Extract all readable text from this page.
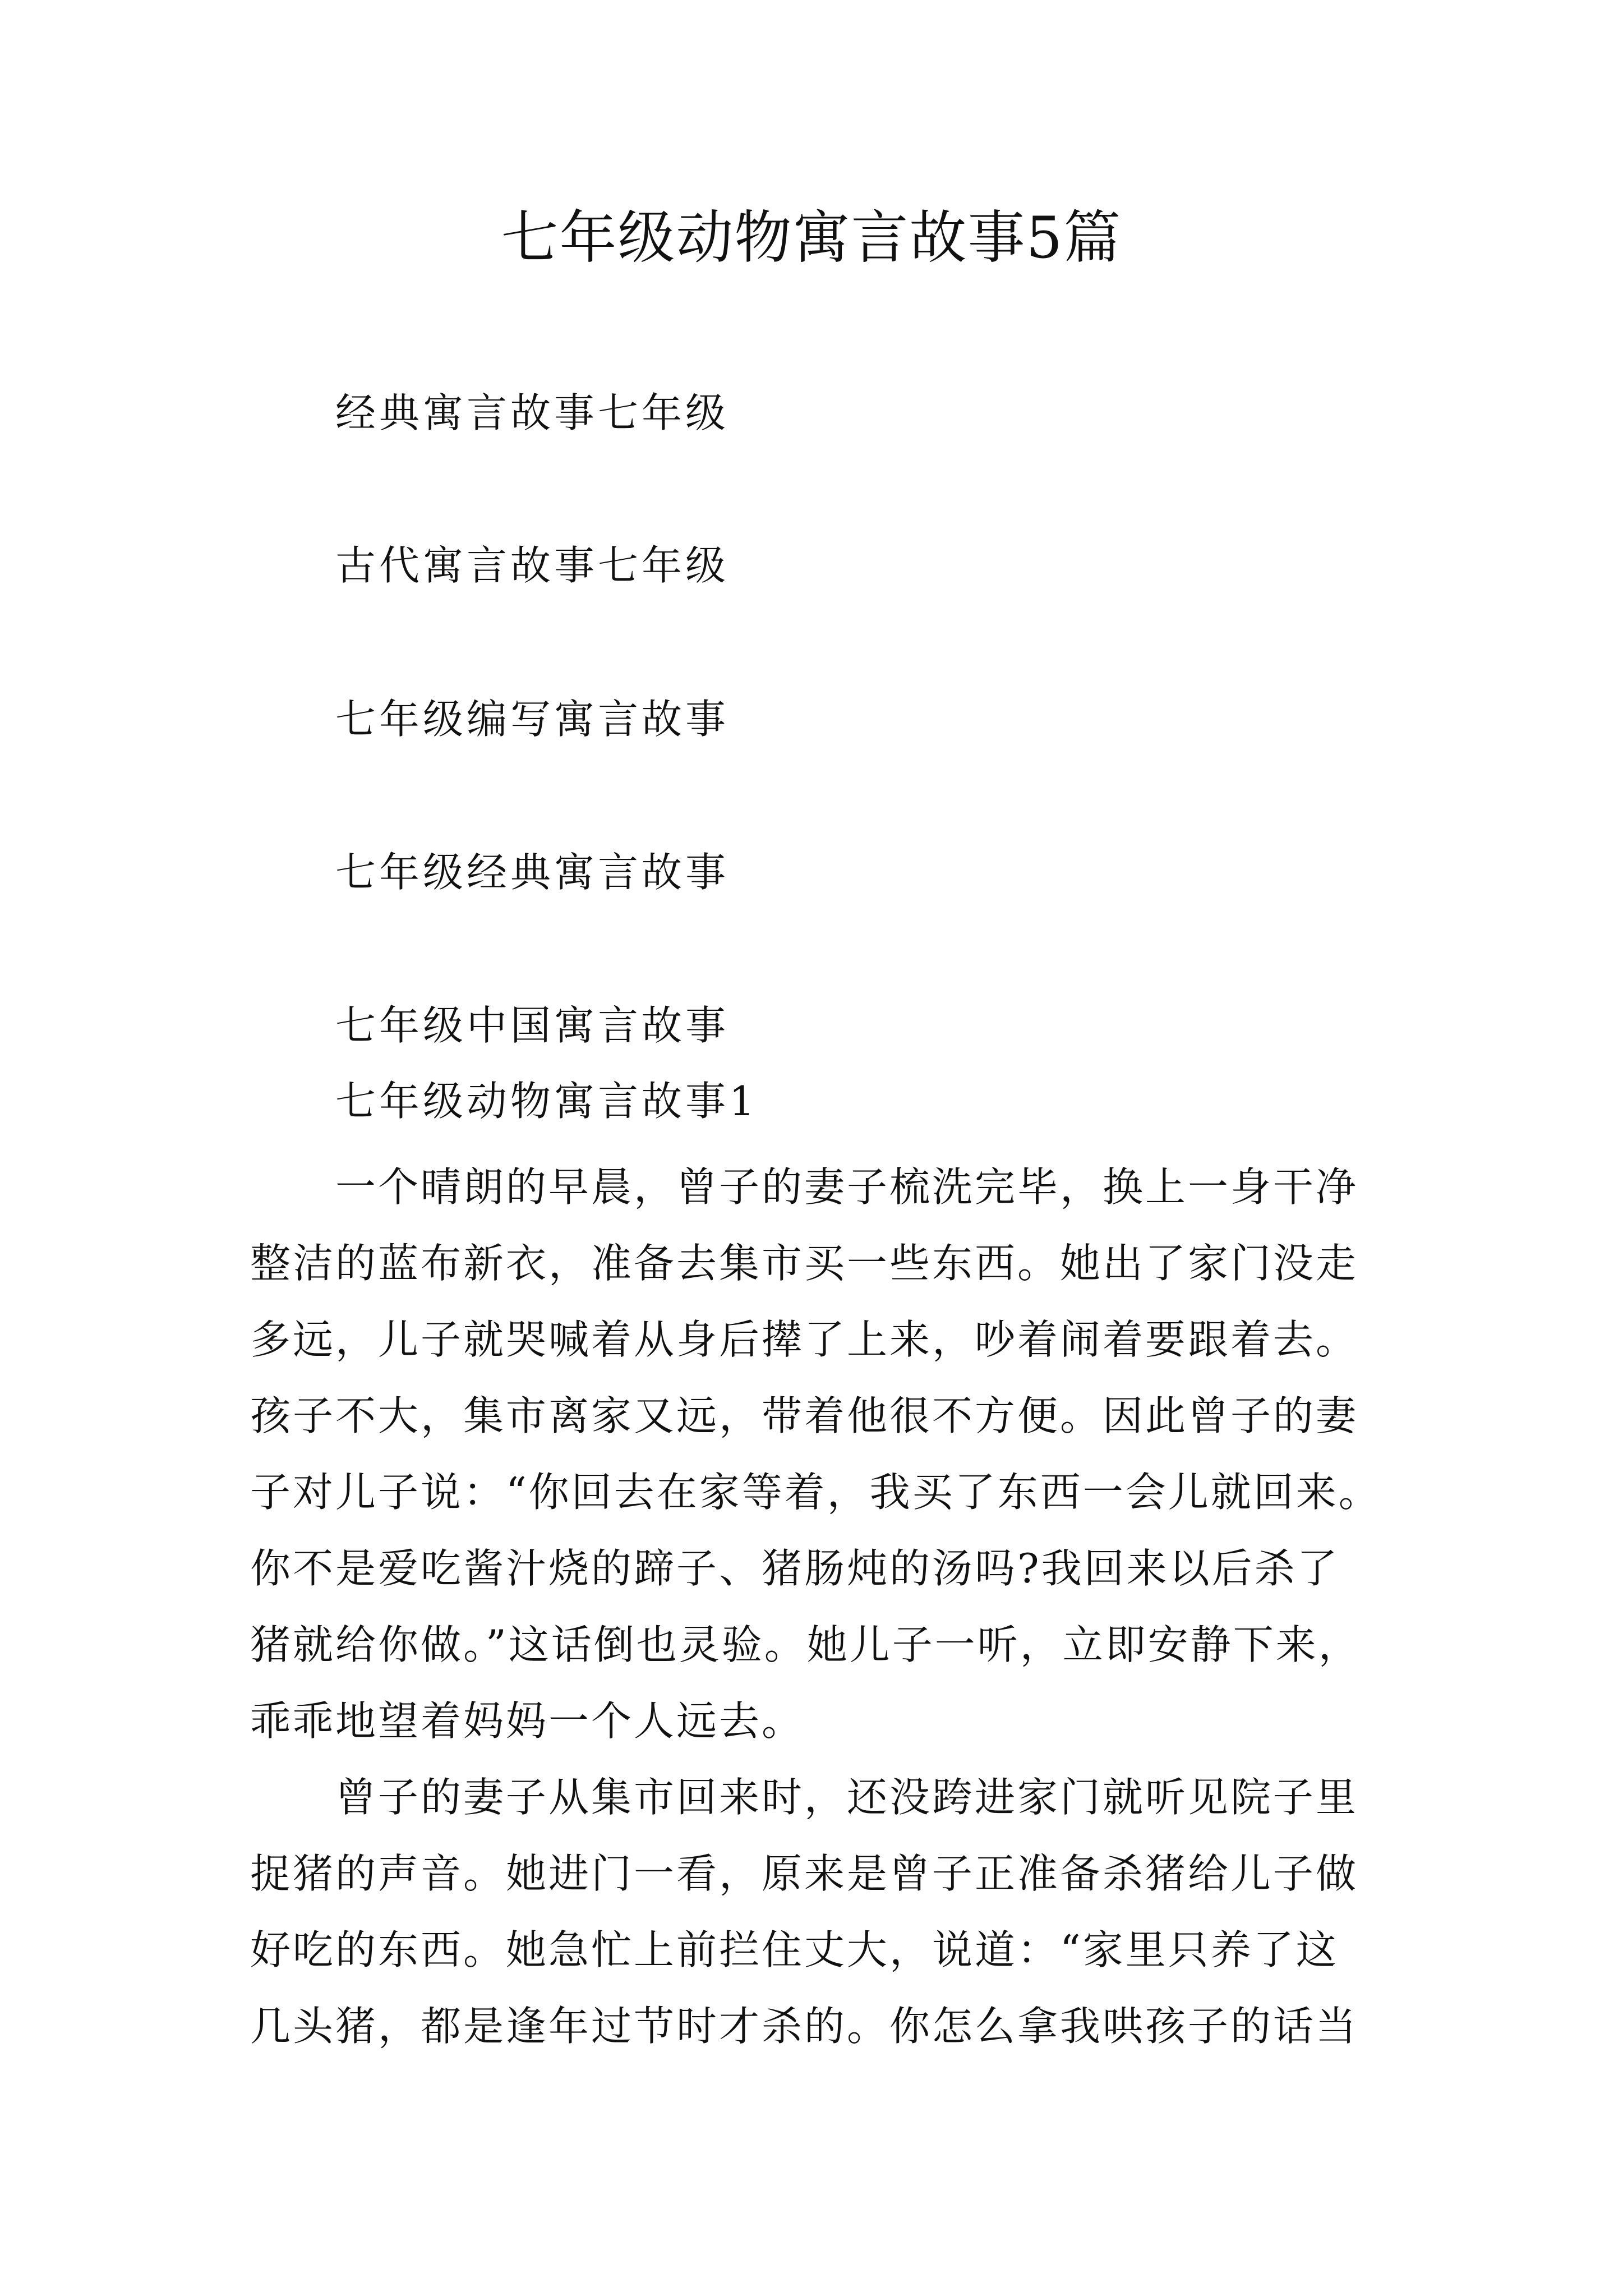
七年级动物寓言故事5篇

经典寓言故事七年级

古代寓言故事七年级

七年级编写寓言故事

七年级经典寓言故事

七年级中国寓言故事

七年级动物寓言故事1

一个晴朗的早晨，曾子的妻子梳洗完毕，换上一身干净
整洁的蓝布新衣，准备去集市买一些东西。她出了家门没走
多远，儿子就哭喊着从身后撵了上来，吵着闹着要跟着去。
孩子不大，集市离家又远，带着他很不方便。因此曾子的妻
子对儿子说：“你回去在家等着，我买了东西一会儿就回来。
你不是爱吃酱汁烧的蹄子、猪肠炖的汤吗?我回来以后杀了
猪就给你做。”这话倒也灵验。她儿子一听，立即安静下来，
乖乖地望着妈妈一个人远去。
曾子的妻子从集市回来时，还没跨进家门就听见院子里
捉猪的声音。她进门一看，原来是曾子正准备杀猪给儿子做
好吃的东西。她急忙上前拦住丈大，说道：“家里只养了这
几头猪，都是逢年过节时才杀的。你怎么拿我哄孩子的话当
